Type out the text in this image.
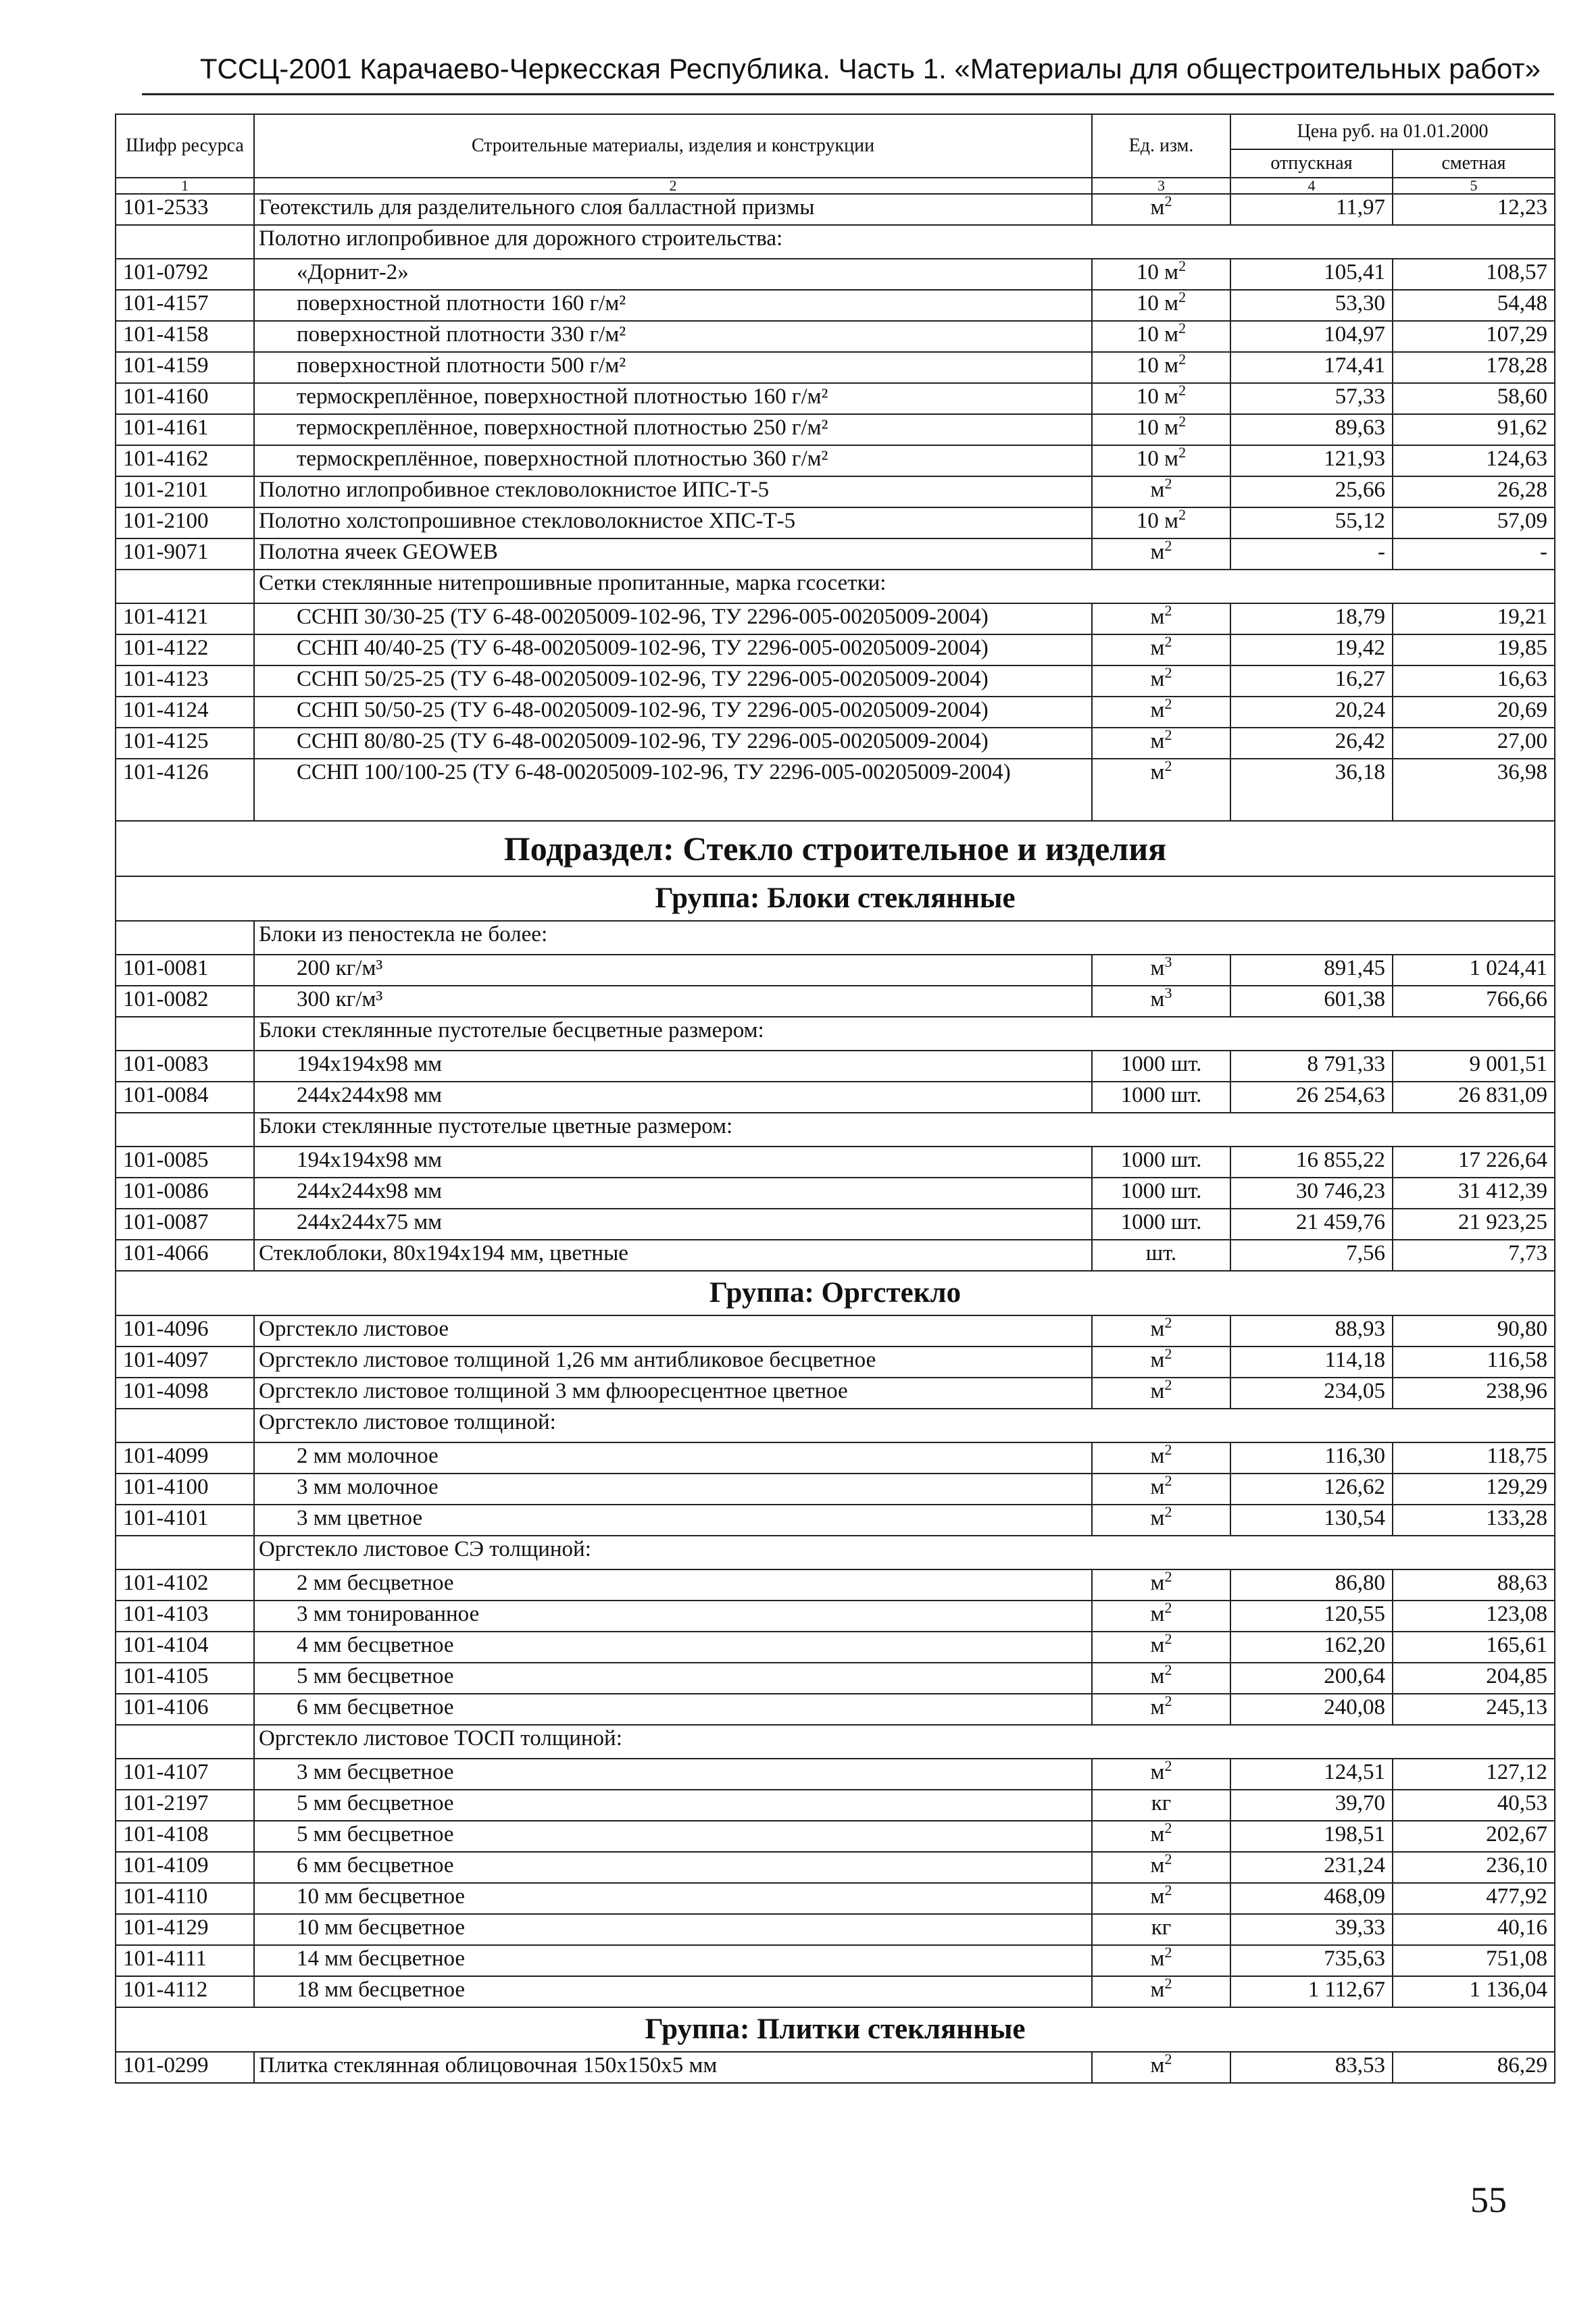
ТССЦ-2001 Карачаево-Черкесская Республика. Часть 1. «Материалы для общестроительных работ»
Шифр ресурса	Строительные материалы, изделия и конструкции	Ед. изм.	Цена руб. на 01.01.2000	
			отпускная	сметная
1	2	3	4	5
101-2533	Геотекстиль для разделительного слоя балластной призмы	$м^2$	11,97	12,23
	Полотно иглопробивное для дорожного строительства:			
101-0792	«Дорнит-2»	10 $м^2$	105,41	108,57
101-4157	поверхностной плотности 160 г/м²	10 $м^2$	53,30	54,48
101-4158	поверхностной плотности 330 г/м²	10 $м^2$	104,97	107,29
101-4159	поверхностной плотности 500 г/м²	10 $м^2$	174,41	178,28
101-4160	термоскреплённое, поверхностной плотностью 160 г/м²	10 $м^2$	57,33	58,60
101-4161	термоскреплённое, поверхностной плотностью 250 г/м²	10 $м^2$	89,63	91,62
101-4162	термоскреплённое, поверхностной плотностью 360 г/м²	10 $м^2$	121,93	124,63
101-2101	Полотно иглопробивное стекловолокнистое ИПС-Т-5	$м^2$	25,66	26,28
101-2100	Полотно холстопрошивное стекловолокнистое ХПС-Т-5	10 $м^2$	55,12	57,09
101-9071	Полотна ячеек GEOWEB	$м^2$	-	-
	Сетки стеклянные нитепрошивные пропитанные, марка гсосетки:			
101-4121	ССНП 30/30-25 (ТУ 6-48-00205009-102-96, ТУ 2296-005-00205009-2004)	$м^2$	18,79	19,21
101-4122	ССНП 40/40-25 (ТУ 6-48-00205009-102-96, ТУ 2296-005-00205009-2004)	$м^2$	19,42	19,85
101-4123	ССНП 50/25-25 (ТУ 6-48-00205009-102-96, ТУ 2296-005-00205009-2004)	$м^2$	16,27	16,63
101-4124	ССНП 50/50-25 (ТУ 6-48-00205009-102-96, ТУ 2296-005-00205009-2004)	$м^2$	20,24	20,69
101-4125	ССНП 80/80-25 (ТУ 6-48-00205009-102-96, ТУ 2296-005-00205009-2004)	$м^2$	26,42	27,00
101-4126	ССНП 100/100-25 (ТУ 6-48-00205009-102-96, ТУ 2296-005-00205009-2004)	$м^2$	36,18	36,98
Подраздел: Стекло строительное и изделия				
Группа: Блоки стеклянные				
	Блоки из пеностекла не более:			
101-0081	200 кг/м³	$м^3$	891,45	1 024,41
101-0082	300 кг/м³	$м^3$	601,38	766,66
	Блоки стеклянные пустотелые бесцветные размером:			
101-0083	194х194х98 мм	1000 шт.	8 791,33	9 001,51
101-0084	244х244х98 мм	1000 шт.	26 254,63	26 831,09
	Блоки стеклянные пустотелые цветные размером:			
101-0085	194х194х98 мм	1000 шт.	16 855,22	17 226,64
101-0086	244х244х98 мм	1000 шт.	30 746,23	31 412,39
101-0087	244х244х75 мм	1000 шт.	21 459,76	21 923,25
101-4066	Стеклоблоки, 80х194х194 мм, цветные	шт.	7,56	7,73
Группа: Оргстекло				
101-4096	Оргстекло листовое	$м^2$	88,93	90,80
101-4097	Оргстекло листовое толщиной 1,26 мм антибликовое бесцветное	$м^2$	114,18	116,58
101-4098	Оргстекло листовое толщиной 3 мм флюоресцентное цветное	$м^2$	234,05	238,96
	Оргстекло листовое толщиной:			
101-4099	2 мм молочное	$м^2$	116,30	118,75
101-4100	3 мм молочное	$м^2$	126,62	129,29
101-4101	3 мм цветное	$м^2$	130,54	133,28
	Оргстекло листовое СЭ толщиной:			
101-4102	2 мм бесцветное	$м^2$	86,80	88,63
101-4103	3 мм тонированное	$м^2$	120,55	123,08
101-4104	4 мм бесцветное	$м^2$	162,20	165,61
101-4105	5 мм бесцветное	$м^2$	200,64	204,85
101-4106	6 мм бесцветное	$м^2$	240,08	245,13
	Оргстекло листовое ТОСП толщиной:			
101-4107	3 мм бесцветное	$м^2$	124,51	127,12
101-2197	5 мм бесцветное	кг	39,70	40,53
101-4108	5 мм бесцветное	$м^2$	198,51	202,67
101-4109	6 мм бесцветное	$м^2$	231,24	236,10
101-4110	10 мм бесцветное	$м^2$	468,09	477,92
101-4129	10 мм бесцветное	кг	39,33	40,16
101-4111	14 мм бесцветное	$м^2$	735,63	751,08
101-4112	18 мм бесцветное	$м^2$	1 112,67	1 136,04
Группа: Плитки стеклянные				
101-0299	Плитка стеклянная облицовочная 150х150х5 мм	$м^2$	83,53	86,29
55
